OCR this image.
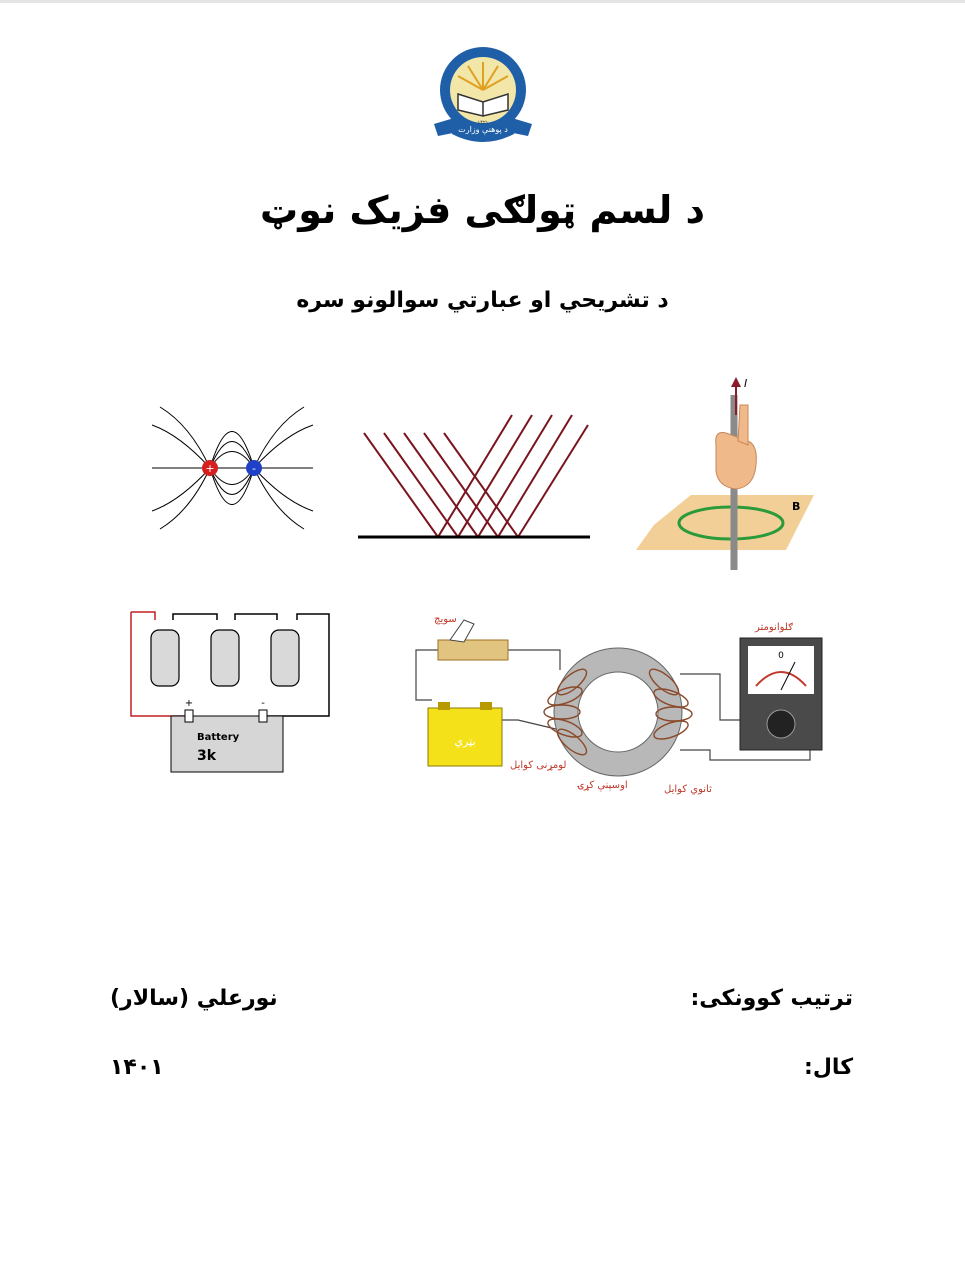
د پوهنې وزارت
۱۴۲۱
د لسم ټولګی فزیک نوټ
د تشریحي او عبارتي سوالونو سره
+	-
I
B
+	-
Battery
3k
سویچ
بټري
0
ګلوانومتر
لومړنی کوایل
اوسپنې کړۍ	ثانوي کوایل
ترتیب کوونکی:
نورعلي (سالار)
کال:
۱۴۰۱
